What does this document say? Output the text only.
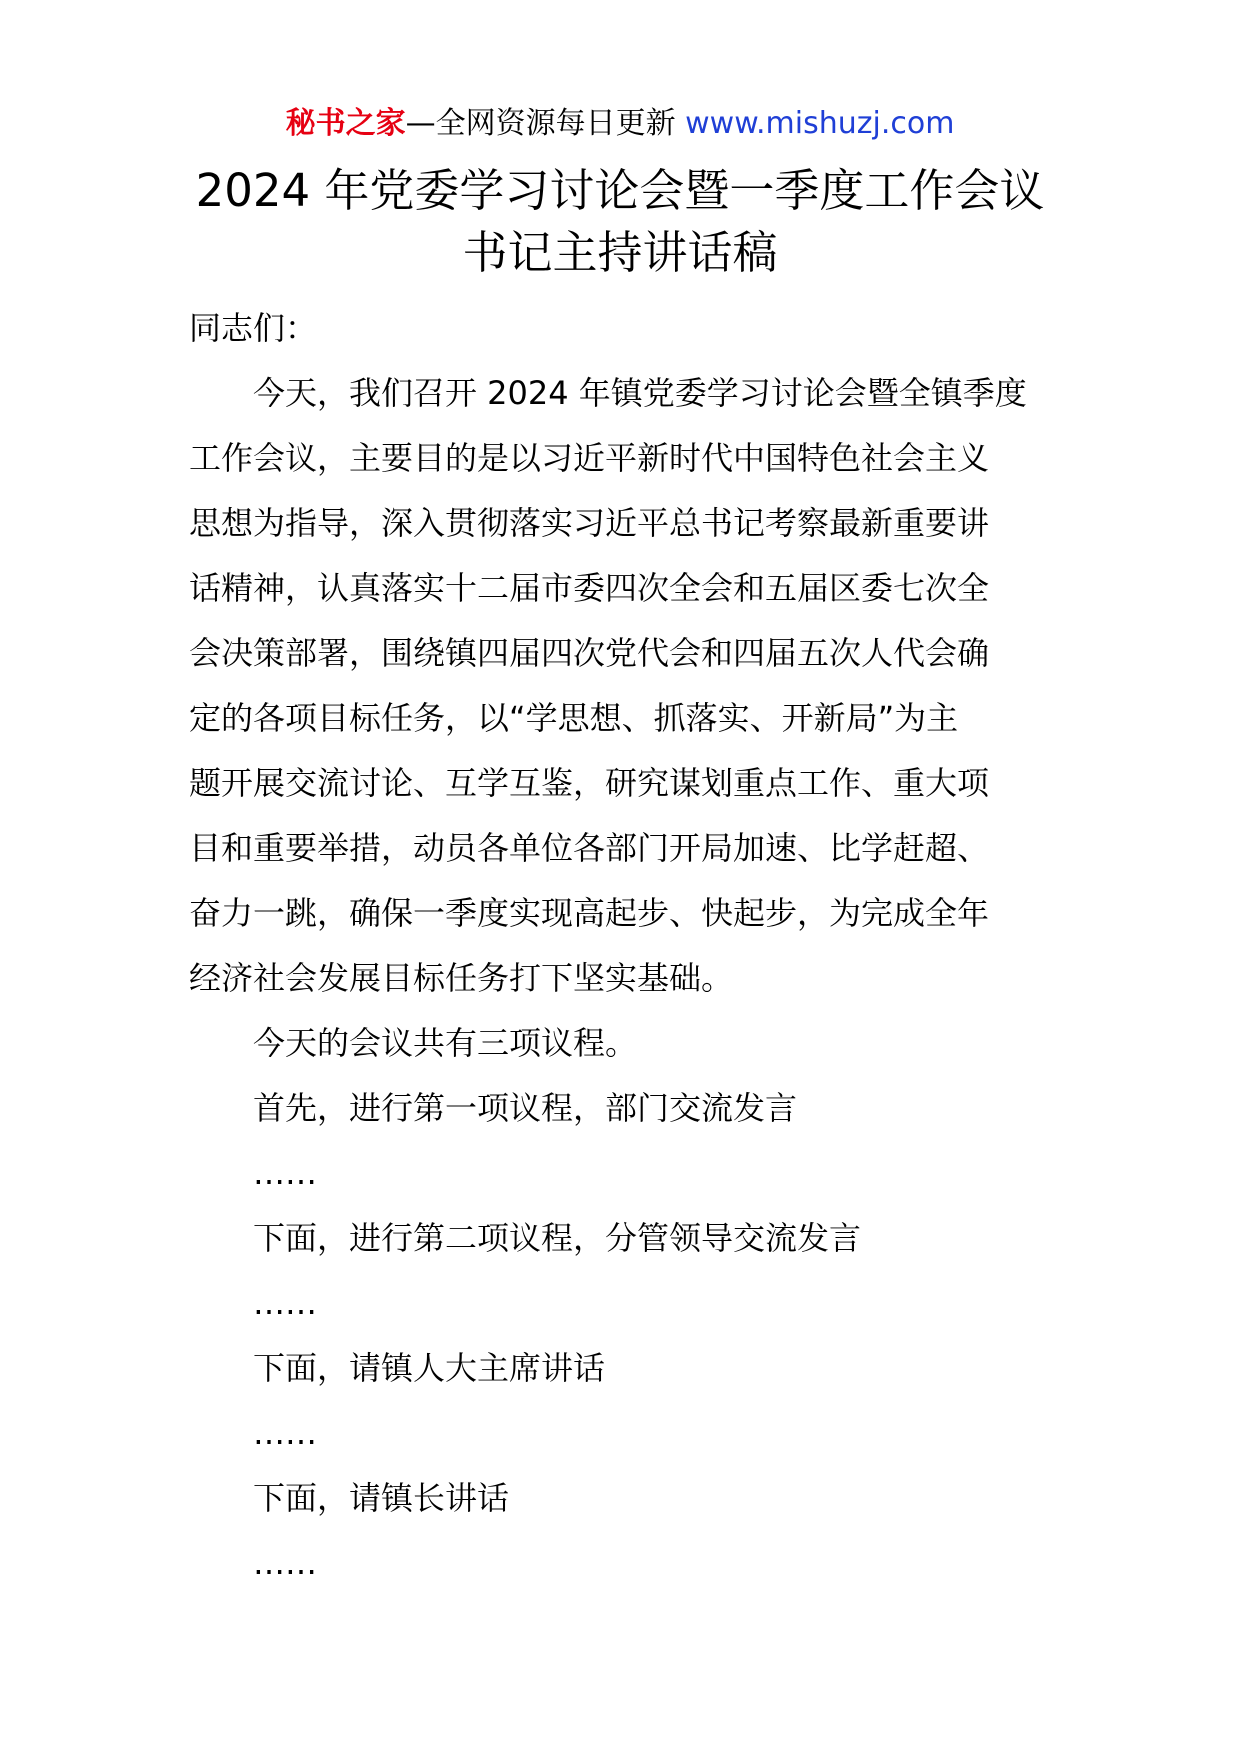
秘书之家—全网资源每日更新 www.mishuzj.com
2024 年党委学习讨论会暨一季度工作会议
书记主持讲话稿
同志们：
今天，我们召开 2024 年镇党委学习讨论会暨全镇季度
工作会议，主要目的是以习近平新时代中国特色社会主义
思想为指导，深入贯彻落实习近平总书记考察最新重要讲
话精神，认真落实十二届市委四次全会和五届区委七次全
会决策部署，围绕镇四届四次党代会和四届五次人代会确
定的各项目标任务，以“学思想、抓落实、开新局”为主
题开展交流讨论、互学互鉴，研究谋划重点工作、重大项
目和重要举措，动员各单位各部门开局加速、比学赶超、
奋力一跳，确保一季度实现高起步、快起步，为完成全年
经济社会发展目标任务打下坚实基础。
今天的会议共有三项议程。
首先，进行第一项议程，部门交流发言
……
下面，进行第二项议程，分管领导交流发言
……
下面，请镇人大主席讲话
……
下面，请镇长讲话
……
